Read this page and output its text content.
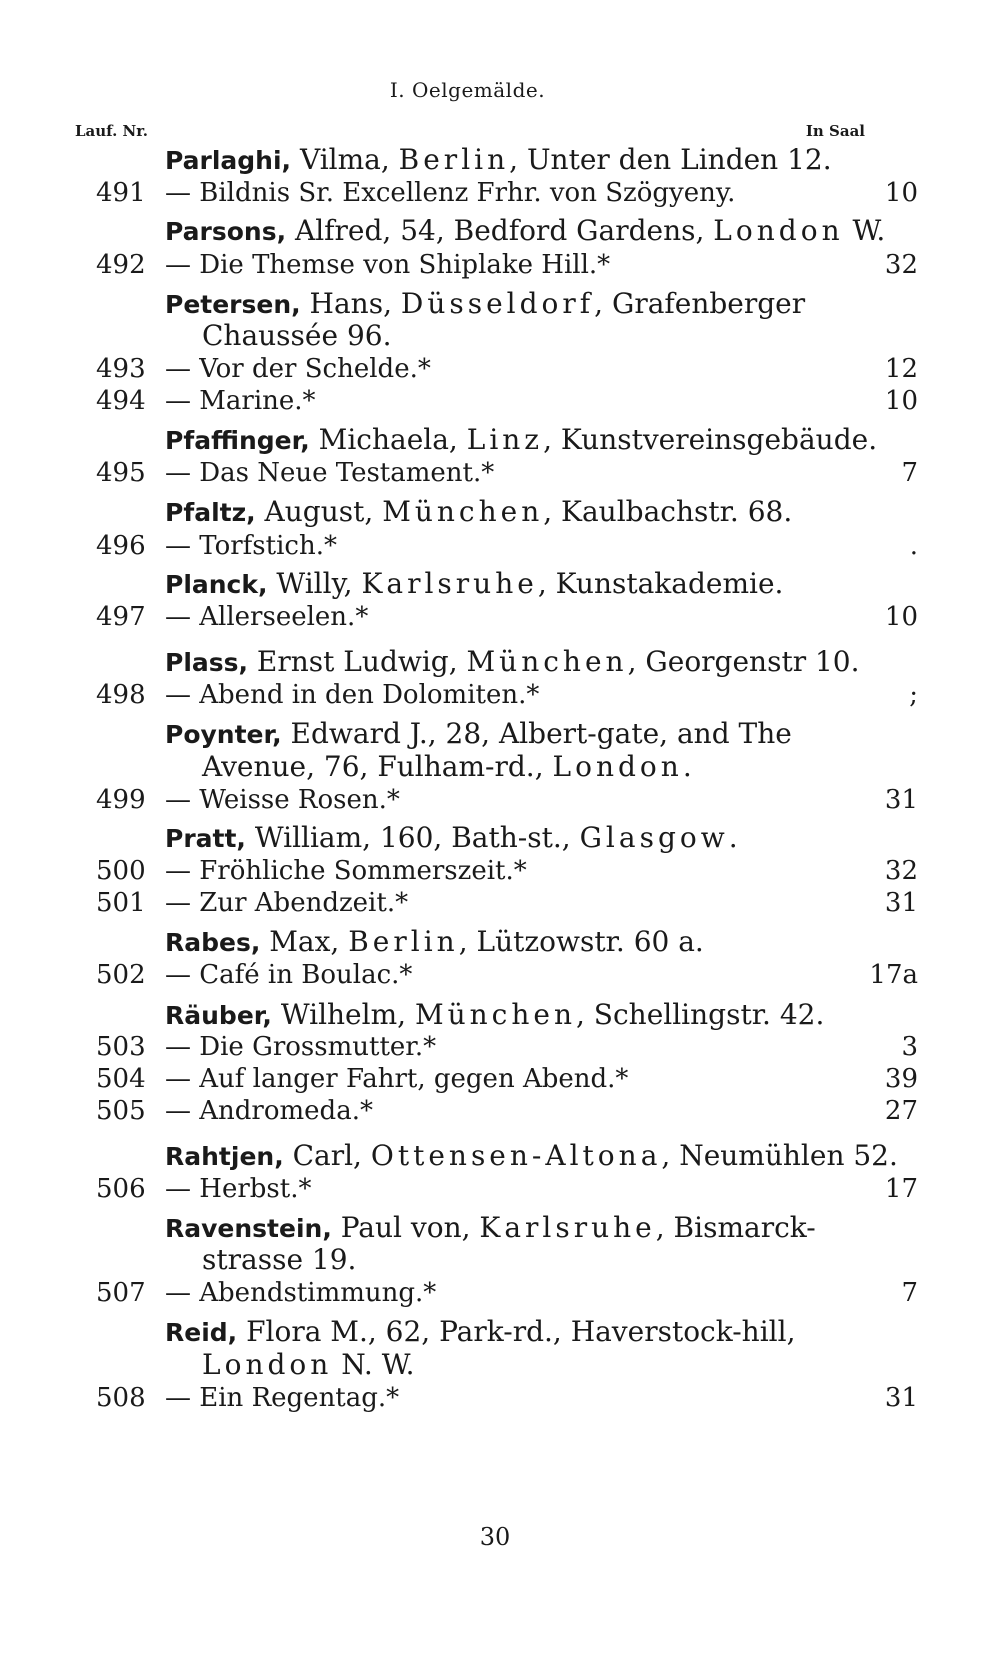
I. Oelgemälde.
Lauf. Nr.	In Saal
Parlaghi, Vilma, Berlin, Unter den Linden 12.
491 — Bildnis Sr. Excellenz Frhr. von Szögyeny.	10
Parsons, Alfred, 54, Bedford Gardens, London W.
492 — Die Themse von Shiplake Hill.*	32
Petersen, Hans, Düsseldorf, Grafenberger
Chaussée 96.
493 — Vor der Schelde.*	12
494 — Marine.*	10
Pfaffinger, Michaela, Linz, Kunstvereinsgebäude.
495 — Das Neue Testament.*	7
Pfaltz, August, München, Kaulbachstr. 68.
496 — Torfstich.*	.
Planck, Willy, Karlsruhe, Kunstakademie.
497 — Allerseelen.*	10
Plass, Ernst Ludwig, München, Georgenstr 10.
498 — Abend in den Dolomiten.*	;
Poynter, Edward J., 28, Albert-gate, and The
Avenue, 76, Fulham-rd., London.
499 — Weisse Rosen.*	31
Pratt, William, 160, Bath-st., Glasgow.
500 — Fröhliche Sommerszeit.*	32
501 — Zur Abendzeit.*	31
Rabes, Max, Berlin, Lützowstr. 60 a.
502 — Café in Boulac.*	17a
Räuber, Wilhelm, München, Schellingstr. 42.
503 — Die Grossmutter.*	3
504 — Auf langer Fahrt, gegen Abend.*	39
505 — Andromeda.*	27
Rahtjen, Carl, Ottensen-Altona, Neumühlen 52.
506 — Herbst.*	17
Ravenstein, Paul von, Karlsruhe, Bismarck-
strasse 19.
507 — Abendstimmung.*	7
Reid, Flora M., 62, Park-rd., Haverstock-hill,
London N. W.
508 — Ein Regentag.*	31
30
